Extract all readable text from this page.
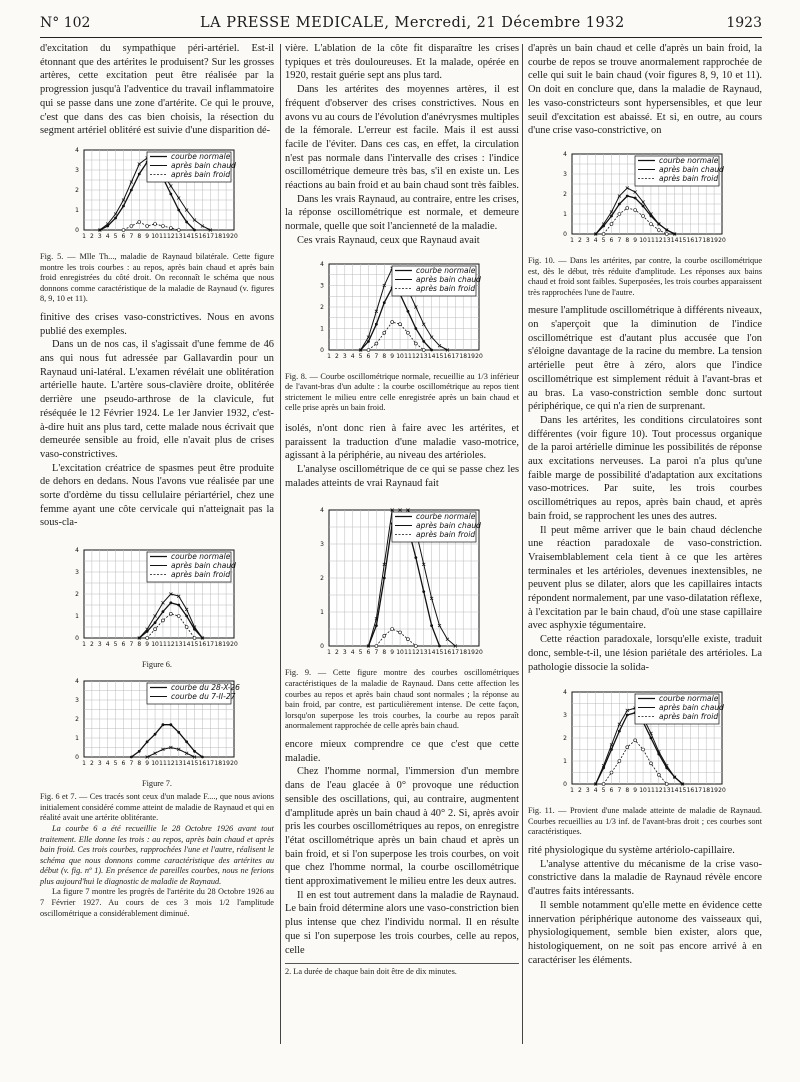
N° 102	LA PRESSE MEDICALE, Mercredi, 21 Décembre 1932	1923

d'excitation du sympathique péri-artériel. Est-il étonnant que des artérites le produisent? Sur les grosses artères, cette excitation peut être réalisée par la progression jusqu'à l'adventice du travail inflammatoire qui se passe dans une zone d'artérite. Ce qui le prouve, c'est que dans des cas bien choisis, la résection du segment artériel oblitéré est suivie d'une disparition dé-

1 2 3 4 5 6 7 8 9 10 11 12 13 14 15 16 17 18 19 20
0
1
2
3
4
courbe normale
après bain chaud
après bain froid

Fig. 5. — Mlle Th..., maladie de Raynaud bilatérale. Cette figure montre les trois courbes : au repos, après bain chaud et après bain froid enregistrées du côté droit. On reconnaît le schéma que nous donnons comme caractéristique de la maladie de Raynaud (v. figures 8, 9, 10 et 11).

finitive des crises vaso-constrictives. Nous en avons publié des exemples.

Dans un de nos cas, il s'agissait d'une femme de 46 ans qui nous fut adressée par Gallavardin pour un Raynaud uni-latéral. L'examen révélait une oblitération artérielle haute. L'artère sous-clavière droite, oblitérée derrière une pseudo-arthrose de la clavicule, fut réséquée le 12 Février 1924. Le 1er Janvier 1932, c'est-à-dire huit ans plus tard, cette malade nous écrivait que demeurée sensible au froid, elle n'avait plus de crises vaso-constrictives.

L'excitation créatrice de spasmes peut être produite de dehors en dedans. Nous l'avons vue réalisée par une sorte d'ordème du tissu cellulaire périartériel, chez une femme ayant une côte cervicale qui n'atteignait pas la sous-cla-

1 2 3 4 5 6 7 8 9 10 11 12 13 14 15 16 17 18 19 20
0
1
2
3
4
courbe normale
après bain chaud
après bain froid

Figure 6.

1 2 3 4 5 6 7 8 9 10 11 12 13 14 15 16 17 18 19 20
0
1
2
3
4
courbe du 28-X-26
courbe du 7-II-27

Figure 7.

Fig. 6 et 7. — Ces tracés sont ceux d'un malade F...., que nous avions initialement considéré comme atteint de maladie de Raynaud et qui en réalité avait une artérite oblitérante.

La courbe 6 a été recueillie le 28 Octobre 1926 avant tout traitement. Elle donne les trois : au repos, après bain chaud et après bain froid. Ces trois courbes, rapprochées l'une et l'autre, réalisent le schéma que nous donnons comme caractéristique des artérites au début (v. fig. nº 1). En présence de pareilles courbes, nous ne ferions plus aujourd'hui le diagnostic de maladie de Raynaud.

La figure 7 montre les progrès de l'artérite du 28 Octobre 1926 au 7 Février 1927. Au cours de ces 3 mois 1/2 l'amplitude oscillométrique a considérablement diminué.

vière. L'ablation de la côte fit disparaître les crises typiques et très douloureuses. Et la malade, opérée en 1920, restait guérie sept ans plus tard.

Dans les artérites des moyennes artères, il est fréquent d'observer des crises constrictives. Nous en avons vu au cours de l'évolution d'anévrysmes multiples de la fémorale. L'erreur est facile. Mais il est aussi facile de l'éviter. Dans ces cas, en effet, la circulation n'est pas normale dans l'intervalle des crises : l'indice oscillométrique demeure très bas, s'il en existe un. Les réactions au bain froid et au bain chaud sont très faibles.

Dans les vrais Raynaud, au contraire, entre les crises, la réponse oscillométrique est normale, et demeure normale, quelle que soit l'ancienneté de la maladie.

Ces vrais Raynaud, ceux que Raynaud avait

1 2 3 4 5 6 7 8 9 10 11 12 13 14 15 16 17 18 19 20
0
1
2
3
4
courbe normale
après bain chaud
après bain froid

Fig. 8. — Courbe oscillométrique normale, recueillie au 1/3 inférieur de l'avant-bras d'un adulte : la courbe oscillométrique au repos tient strictement le milieu entre celle enregistrée après un bain chaud et celle prise après un bain froid.

isolés, n'ont donc rien à faire avec les artérites, et paraissent la traduction d'une maladie vaso-motrice, agissant à la périphérie, au niveau des artérioles.

L'analyse oscillométrique de ce qui se passe chez les malades atteints de vrai Raynaud fait

1 2 3 4 5 6 7 8 9 10 11 12 13 14 15 16 17 18 19 20
0
1
2
3
4
courbe normale
après bain chaud
après bain froid

Fig. 9. — Cette figure montre des courbes oscillométriques caractéristiques de la maladie de Raynaud. Dans cette affection les courbes au repos et après bain chaud sont normales ; la réponse au bain froid, par contre, est particulièrement intense. De cette façon, lorsqu'on superpose les trois courbes, la courbe au repos paraît anormalement rapprochée de celle après bain chaud.

encore mieux comprendre ce que c'est que cette maladie.

Chez l'homme normal, l'immersion d'un membre dans de l'eau glacée à 0° provoque une réduction sensible des oscillations, qui, au contraire, augmentent d'amplitude après un bain chaud à 40° 2. Si, après avoir pris les courbes oscillométriques au repos, on enregistre l'état oscillométrique après un bain chaud et après un bain froid, et si l'on superpose les trois courbes, on voit que chez l'homme normal, la courbe oscillométrique tient approximativement le milieu entre les deux autres.

Il en est tout autrement dans la maladie de Raynaud. Le bain froid détermine alors une vaso-constriction bien plus intense que chez l'individu normal. Il en résulte que si l'on superpose les trois courbes, celle au repos, celle

2. La durée de chaque bain doit être de dix minutes.

d'après un bain chaud et celle d'après un bain froid, la courbe de repos se trouve anormalement rapprochée de celle qui suit le bain chaud (voir figures 8, 9, 10 et 11). On doit en conclure que, dans la maladie de Raynaud, les vaso-constricteurs sont hypersensibles, et que leur seuil d'excitation est abaissé. Et si, en outre, au cours d'une crise vaso-constrictive, on

1 2 3 4 5 6 7 8 9 10 11 12 13 14 15 16 17 18 19 20
0
1
2
3
4
courbe normale
après bain chaud
après bain froid

Fig. 10. — Dans les artérites, par contre, la courbe oscillométrique est, dès le début, très réduite d'amplitude. Les réponses aux bains chaud et froid sont faibles. Superposées, les trois courbes apparaissent très rapprochées l'une de l'autre.

mesure l'amplitude oscillométrique à différents niveaux, on s'aperçoit que la diminution de l'indice oscillométrique est d'autant plus accusée que l'on s'éloigne davantage de la racine du membre. La tension artérielle peut être à zéro, alors que l'indice oscillométrique est simplement réduit à l'avant-bras et au bras. La vaso-constriction semble donc surtout périphérique, ce qui n'a rien de surprenant.

Dans les artérites, les conditions circulatoires sont différentes (voir figure 10). Tout processus organique de la paroi artérielle diminue les possibilités de réponse aux excitations nerveuses. La paroi n'a plus qu'une faible marge de possibilité d'adaptation aux excitations vaso-motrices. Par suite, les trois courbes oscillométriques au repos, après bain chaud, et après bain froid, se rapprochent les unes des autres.

Il peut même arriver que le bain chaud déclenche une réaction paradoxale de vaso-constriction. Vraisemblablement cela tient à ce que les artères terminales et les artérioles, devenues inextensibles, ne peuvent plus se dilater, alors que les capillaires intacts répondent normalement, par une vaso-dilatation réflexe, à l'excitation par le bain chaud, d'où une stase capillaire avec asphyxie tégumentaire.

Cette réaction paradoxale, lorsqu'elle existe, traduit donc, semble-t-il, une lésion pariétale des artérioles. La pathologie dissocie la solida-

1 2 3 4 5 6 7 8 9 10 11 12 13 14 15 16 17 18 19 20
0
1
2
3
4
courbe normale
après bain chaud
après bain froid

Fig. 11. — Provient d'une malade atteinte de maladie de Raynaud. Courbes recueillies au 1/3 inf. de l'avant-bras droit ; ces courbes sont caractéristiques.

rité physiologique du système artériolo-capillaire.

L'analyse attentive du mécanisme de la crise vaso-constrictive dans la maladie de Raynaud révèle encore d'autres faits intéressants.

Il semble notamment qu'elle mette en évidence cette innervation périphérique autonome des vaisseaux qui, physiologiquement, semble bien exister, alors que, histologiquement, on ne soit pas encore arrivé à en caractériser les éléments.
